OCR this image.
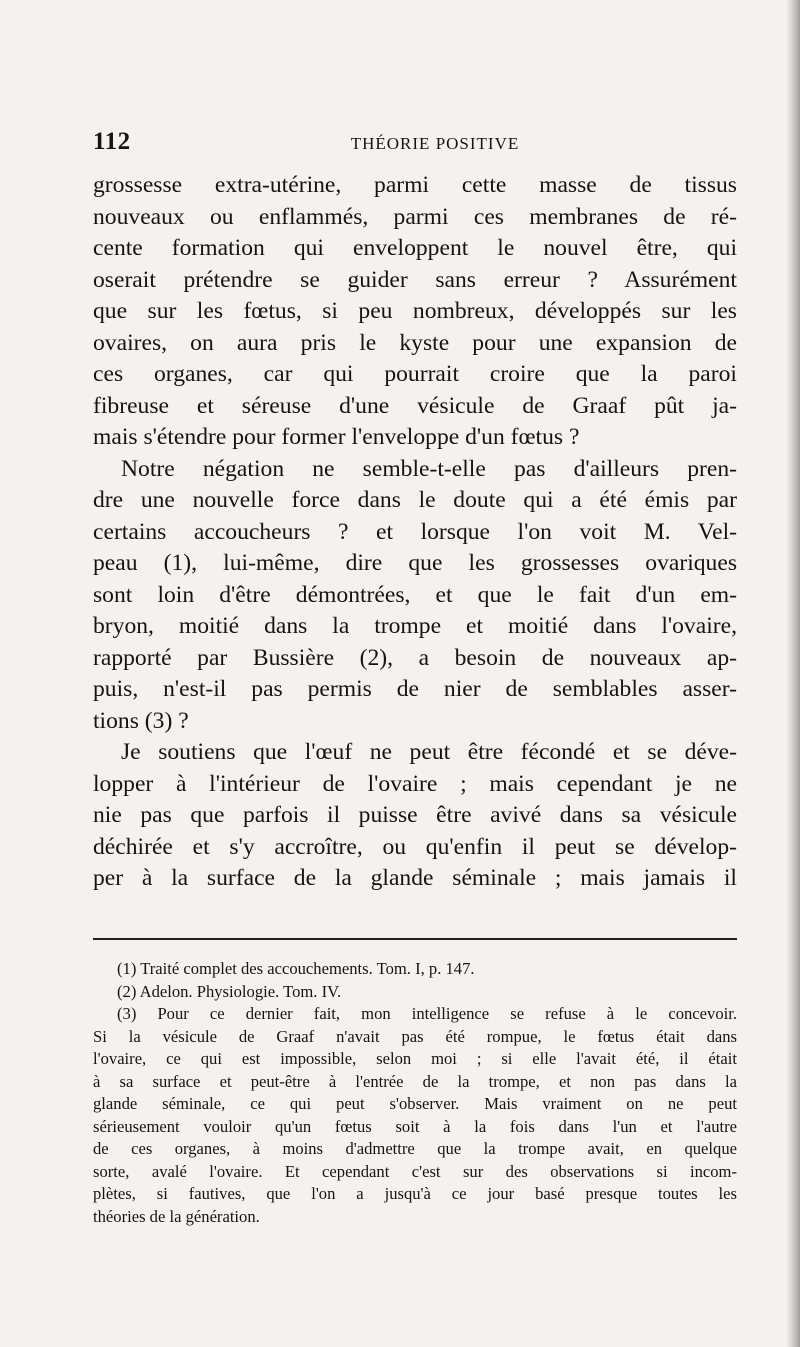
112	THÉORIE POSITIVE
grossesse extra-utérine, parmi cette masse de tissus
nouveaux ou enflammés, parmi ces membranes de ré-
cente formation qui enveloppent le nouvel être, qui
oserait prétendre se guider sans erreur ? Assurément
que sur les fœtus, si peu nombreux, développés sur les
ovaires, on aura pris le kyste pour une expansion de
ces organes, car qui pourrait croire que la paroi
fibreuse et séreuse d'une vésicule de Graaf pût ja-
mais s'étendre pour former l'enveloppe d'un fœtus ?
Notre négation ne semble-t-elle pas d'ailleurs pren-
dre une nouvelle force dans le doute qui a été émis par
certains accoucheurs ? et lorsque l'on voit M. Vel-
peau (1), lui-même, dire que les grossesses ovariques
sont loin d'être démontrées, et que le fait d'un em-
bryon, moitié dans la trompe et moitié dans l'ovaire,
rapporté par Bussière (2), a besoin de nouveaux ap-
puis, n'est-il pas permis de nier de semblables asser-
tions (3) ?
Je soutiens que l'œuf ne peut être fécondé et se déve-
lopper à l'intérieur de l'ovaire ; mais cependant je ne
nie pas que parfois il puisse être avivé dans sa vésicule
déchirée et s'y accroître, ou qu'enfin il peut se dévelop-
per à la surface de la glande séminale ; mais jamais il
(1) Traité complet des accouchements. Tom. I, p. 147.
(2) Adelon. Physiologie. Tom. IV.
(3) Pour ce dernier fait, mon intelligence se refuse à le concevoir.
Si la vésicule de Graaf n'avait pas été rompue, le fœtus était dans
l'ovaire, ce qui est impossible, selon moi ; si elle l'avait été, il était
à sa surface et peut-être à l'entrée de la trompe, et non pas dans la
glande séminale, ce qui peut s'observer. Mais vraiment on ne peut
sérieusement vouloir qu'un fœtus soit à la fois dans l'un et l'autre
de ces organes, à moins d'admettre que la trompe avait, en quelque
sorte, avalé l'ovaire. Et cependant c'est sur des observations si incom-
plètes, si fautives, que l'on a jusqu'à ce jour basé presque toutes les
théories de la génération.
